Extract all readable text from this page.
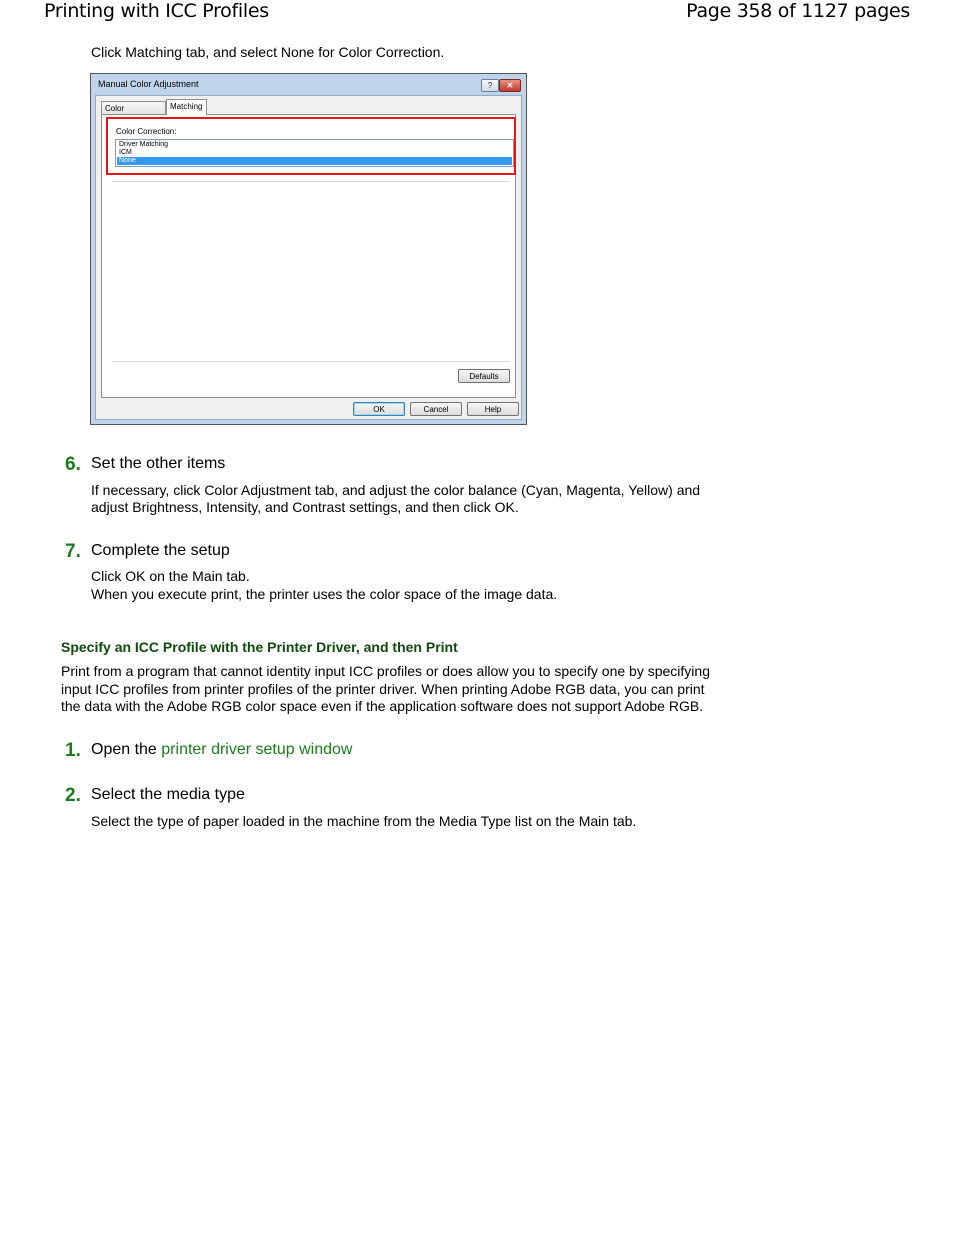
Printing with ICC Profiles	Page 358 of 1127 pages
Click Matching tab, and select None for Color Correction.
Manual Color Adjustment	?	✕
Color	Matching
Color Correction:
Driver Matching
ICM
None
Defaults
OK	Cancel	Help
6. Set the other items
If necessary, click Color Adjustment tab, and adjust the color balance (Cyan, Magenta, Yellow) and
adjust Brightness, Intensity, and Contrast settings, and then click OK.
7. Complete the setup
Click OK on the Main tab.
When you execute print, the printer uses the color space of the image data.
Specify an ICC Profile with the Printer Driver, and then Print
Print from a program that cannot identity input ICC profiles or does allow you to specify one by specifying
input ICC profiles from printer profiles of the printer driver. When printing Adobe RGB data, you can print
the data with the Adobe RGB color space even if the application software does not support Adobe RGB.
1. Open the printer driver setup window
2. Select the media type
Select the type of paper loaded in the machine from the Media Type list on the Main tab.
